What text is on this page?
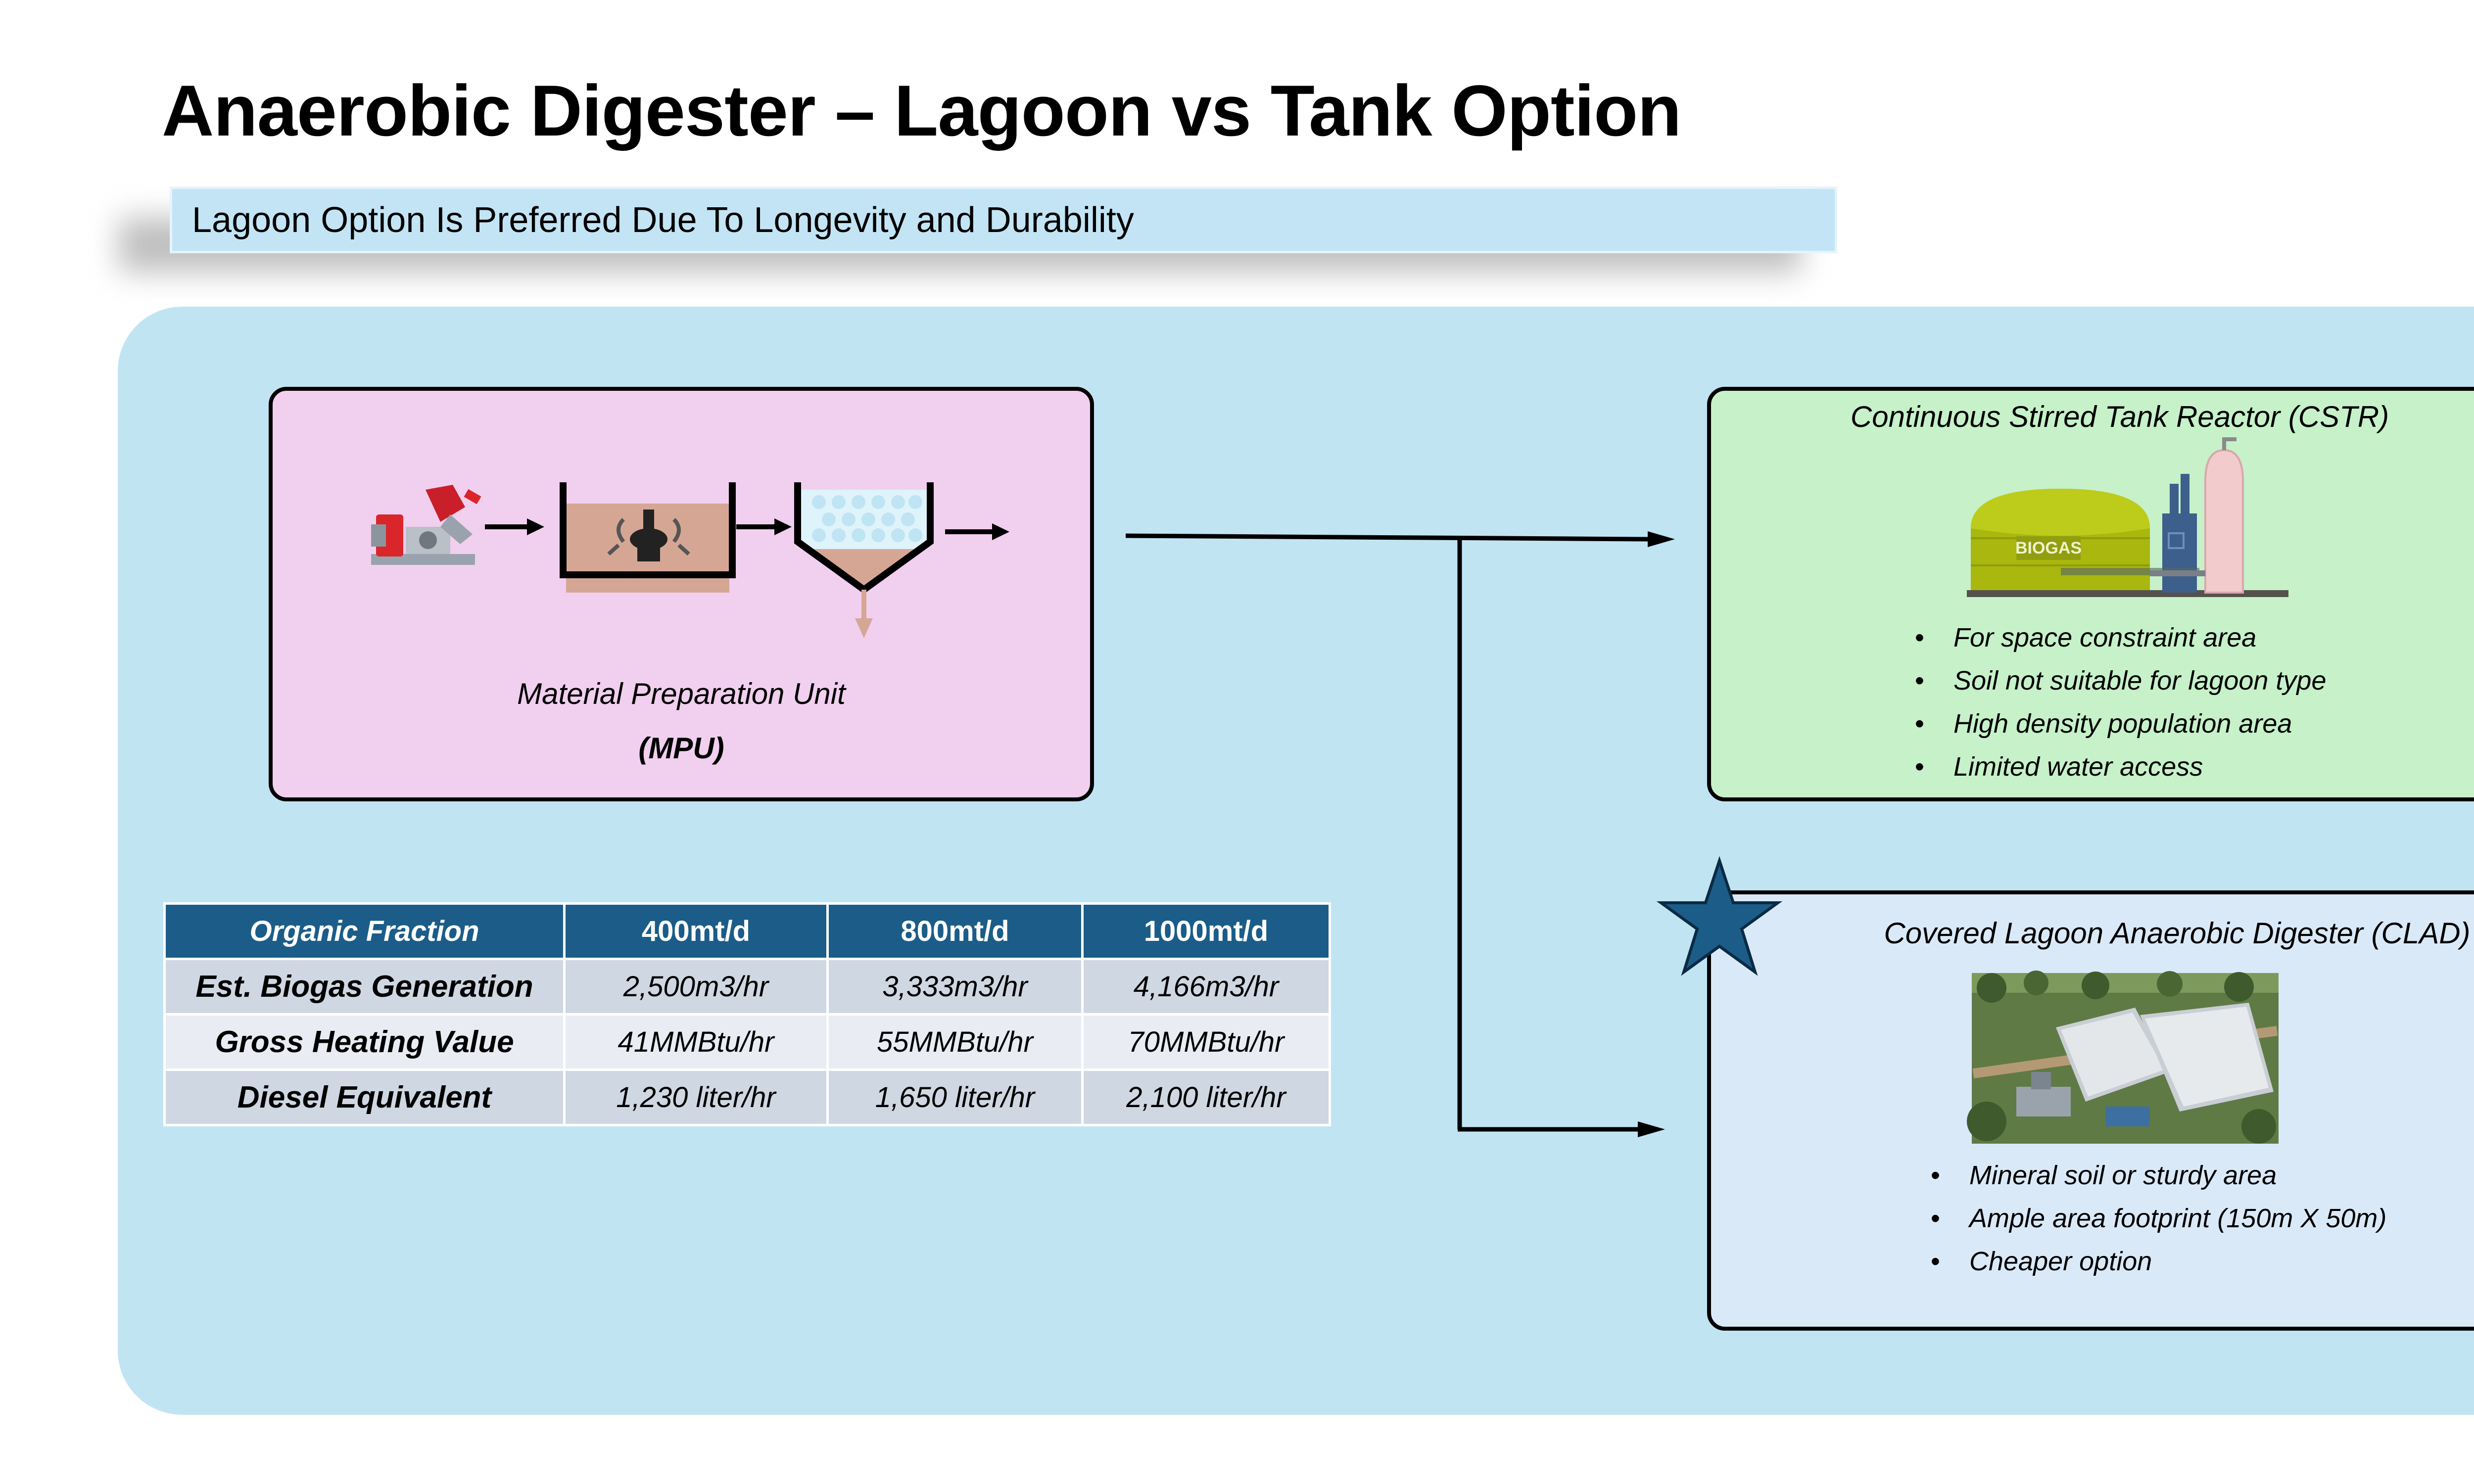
Anaerobic Digester – Lagoon vs Tank Option
Lagoon Option Is Preferred Due To Longevity and Durability
Material Preparation Unit
(MPU)
Continuous Stirred Tank Reactor (CSTR)
BIOGAS
• For space constraint area
• Soil not suitable for lagoon type
• High density population area
• Limited water access
Covered Lagoon Anaerobic Digester (CLAD)
• Mineral soil or sturdy area
• Ample area footprint (150m X 50m)
• Cheaper option
Organic Fraction	400mt/d	800mt/d	1000mt/d
Est. Biogas Generation	2,500m3/hr	3,333m3/hr	4,166m3/hr
Gross Heating Value	41MMBtu/hr	55MMBtu/hr	70MMBtu/hr
Diesel Equivalent	1,230 liter/hr	1,650 liter/hr	2,100 liter/hr
